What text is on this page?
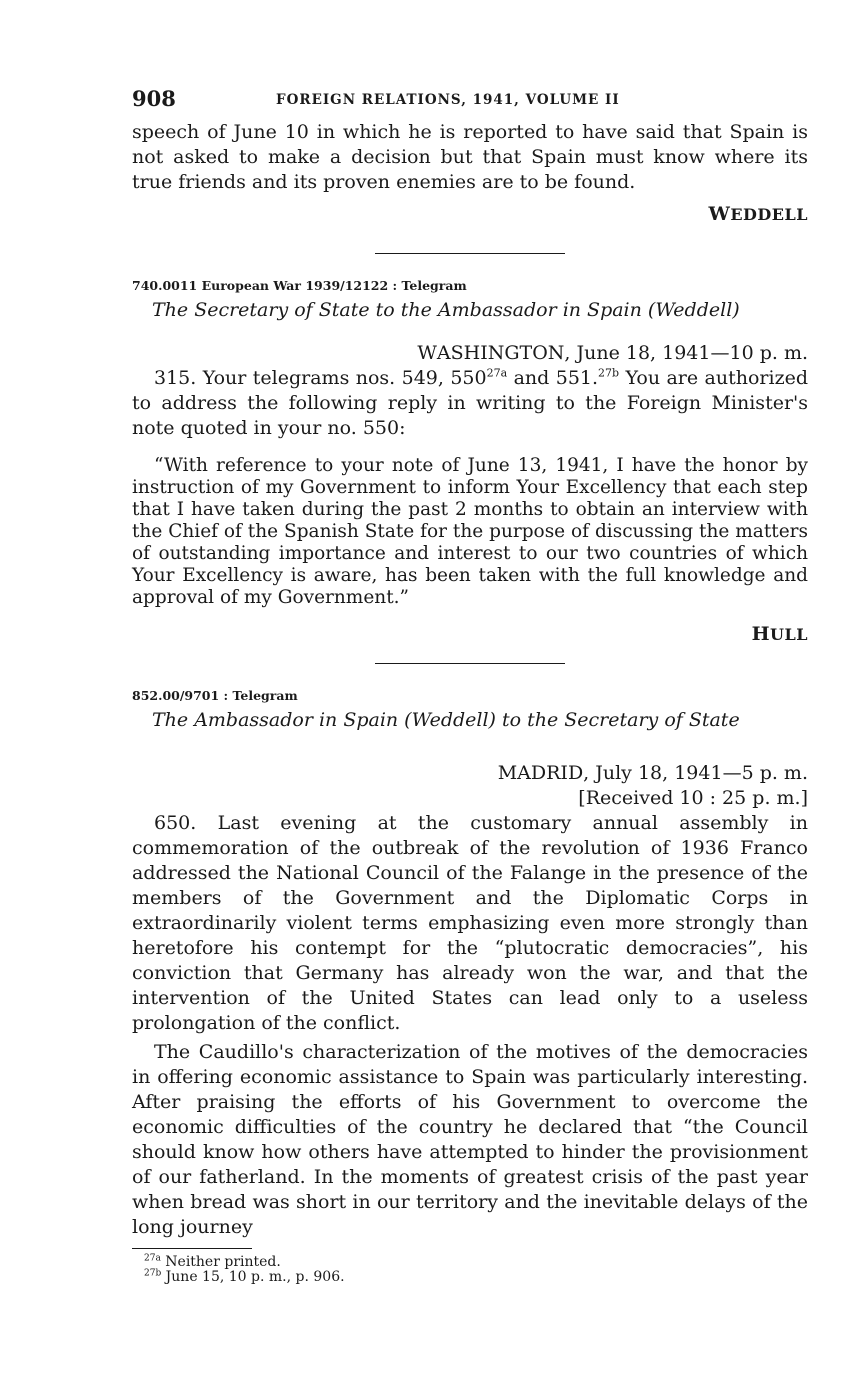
908	FOREIGN RELATIONS, 1941, VOLUME II

speech of June 10 in which he is reported to have said that Spain is not asked to make a decision but that Spain must know where its true friends and its proven enemies are to be found.

WEDDELL
740.0011 European War 1939/12122 : Telegram
The Secretary of State to the Ambassador in Spain (Weddell)
WASHINGTON, June 18, 1941—10 p. m.

315. Your telegrams nos. 549, $550^{27a}$ and 551.$^{27b}$ You are authorized to address the following reply in writing to the Foreign Minister's note quoted in your no. 550:

“With reference to your note of June 13, 1941, I have the honor by instruction of my Government to inform Your Excellency that each step that I have taken during the past 2 months to obtain an interview with the Chief of the Spanish State for the purpose of discussing the matters of outstanding importance and interest to our two countries of which Your Excellency is aware, has been taken with the full knowledge and approval of my Government.”

HULL
852.00/9701 : Telegram
The Ambassador in Spain (Weddell) to the Secretary of State
MADRID, July 18, 1941—5 p. m.
[Received 10 : 25 p. m.]

650. Last evening at the customary annual assembly in commemoration of the outbreak of the revolution of 1936 Franco addressed the National Council of the Falange in the presence of the members of the Government and the Diplomatic Corps in extraordinarily violent terms emphasizing even more strongly than heretofore his contempt for the “plutocratic democracies”, his conviction that Germany has already won the war, and that the intervention of the United States can lead only to a useless prolongation of the conflict.

The Caudillo's characterization of the motives of the democracies in offering economic assistance to Spain was particularly interesting. After praising the efforts of his Government to overcome the economic difficulties of the country he declared that “the Council should know how others have attempted to hinder the provisionment of our fatherland. In the moments of greatest crisis of the past year when bread was short in our territory and the inevitable delays of the long journey

$^{27a}$ Neither printed.
$^{27b}$ June 15, 10 p. m., p. 906.
